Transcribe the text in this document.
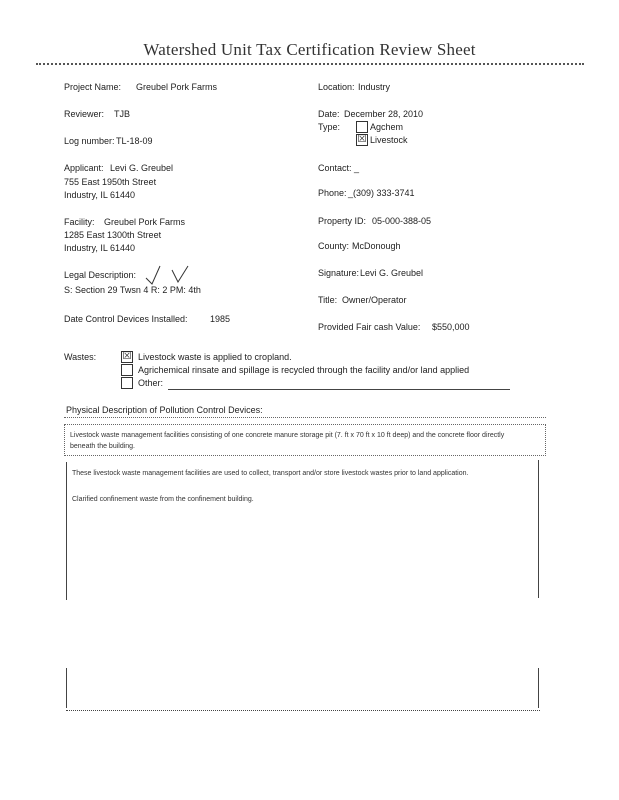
Watershed Unit Tax Certification Review Sheet
Project Name: Greubel Pork Farms	Location: Industry
Reviewer: TJB	Date: December 28, 2010
Type:	Agchem
☒ Livestock
Log number: TL-18-09
Applicant: Levi G. Greubel
755 East 1950th Street
Industry, IL 61440
Contact: _
Phone: _(309) 333-3741
Facility: Greubel Pork Farms
1285 East 1300th Street
Industry, IL 61440
Property ID: 05-000-388-05
County: McDonough
Legal Description:
S: Section 29 Twsn 4 R: 2 PM: 4th
Signature: Levi G. Greubel
Title: Owner/Operator
Date Control Devices Installed: 1985
Provided Fair cash Value: $550,000
Wastes:	☒ Livestock waste is applied to cropland.
Agrichemical rinsate and spillage is recycled through the facility and/or land applied
Other:
Physical Description of Pollution Control Devices:
Livestock waste management facilities consisting of one concrete manure storage pit (7. ft x 70 ft x 10 ft deep) and the concrete floor directly beneath the building.
These livestock waste management facilities are used to collect, transport and/or store livestock wastes prior to land application.
Clarified confinement waste from the confinement building.
